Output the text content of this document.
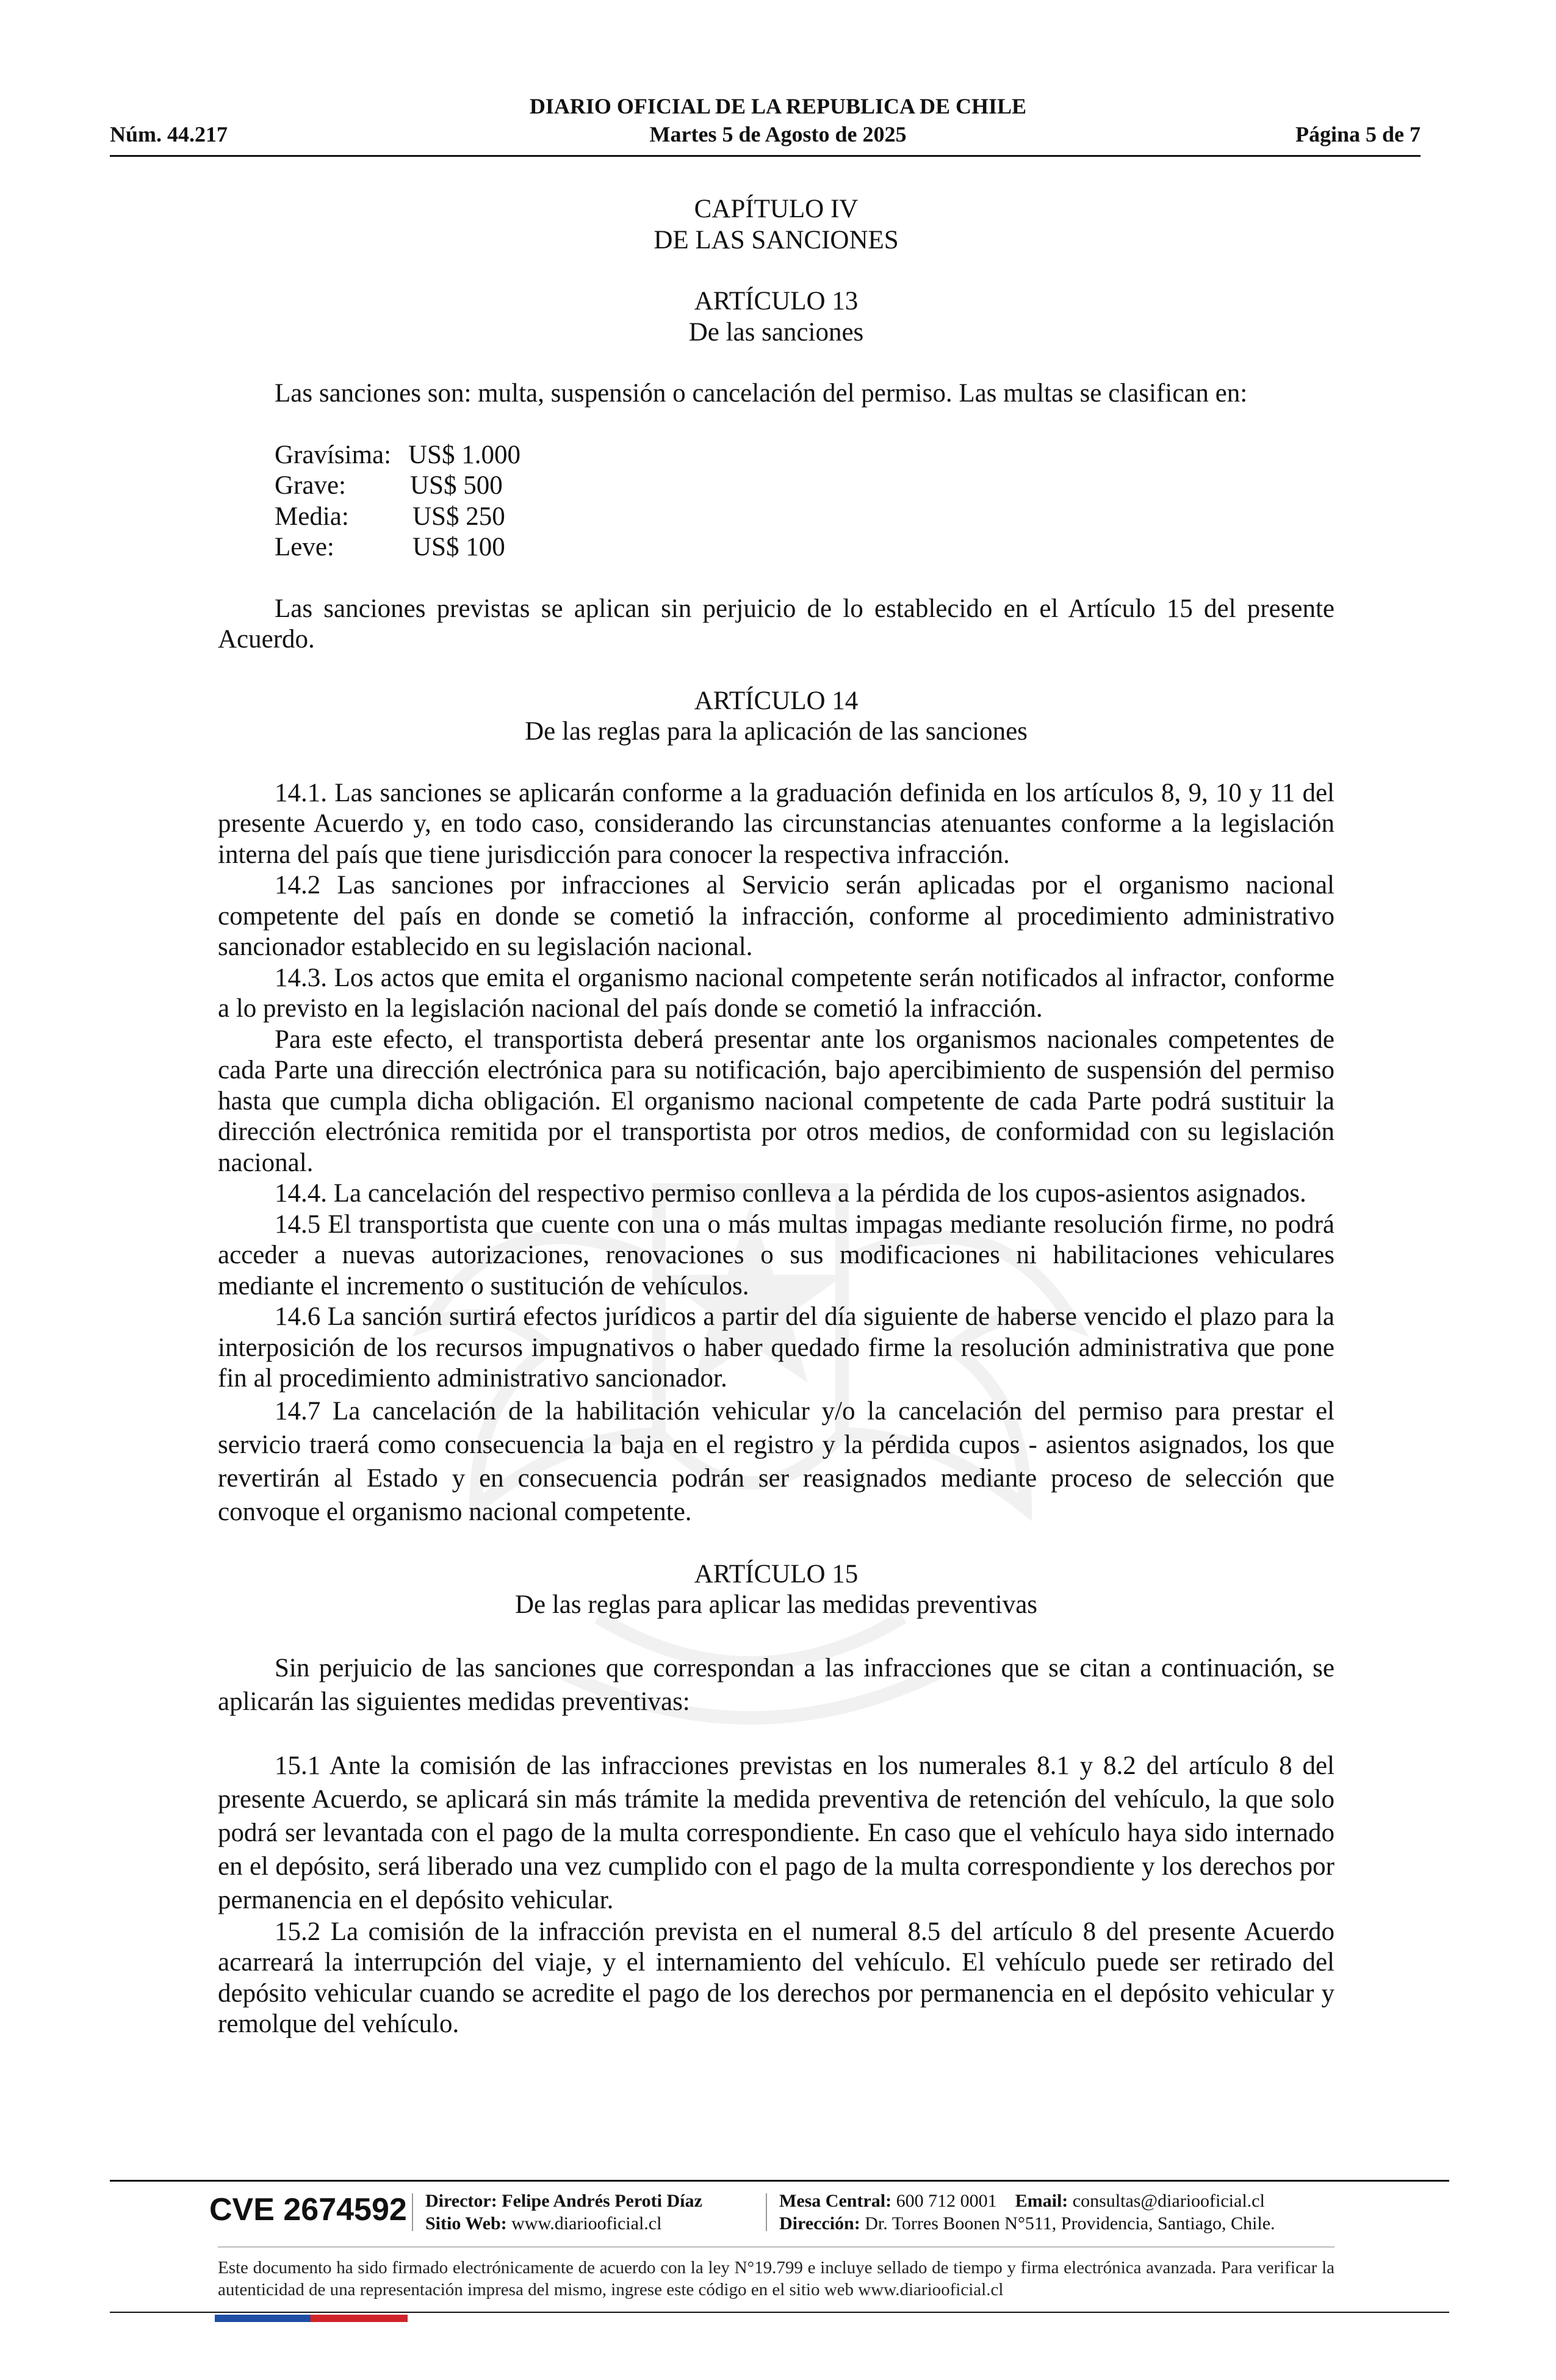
DIARIO OFICIAL DE LA REPUBLICA DE CHILE
Núm. 44.217	Martes 5 de Agosto de 2025	Página 5 de 7

CAPÍTULO IV

DE LAS SANCIONES

ARTÍCULO 13

De las sanciones

Las sanciones son: multa, suspensión o cancelación del permiso. Las multas se clasifican en:

Gravísima: US$ 1.000
Grave:	US$ 500
Media:	US$ 250
Leve:	US$ 100

Las sanciones previstas se aplican sin perjuicio de lo establecido en el Artículo 15 del presente Acuerdo.

ARTÍCULO 14

De las reglas para la aplicación de las sanciones

14.1. Las sanciones se aplicarán conforme a la graduación definida en los artículos 8, 9, 10 y 11 del presente Acuerdo y, en todo caso, considerando las circunstancias atenuantes conforme a la legislación interna del país que tiene jurisdicción para conocer la respectiva infracción.

14.2 Las sanciones por infracciones al Servicio serán aplicadas por el organismo nacional competente del país en donde se cometió la infracción, conforme al procedimiento administrativo sancionador establecido en su legislación nacional.

14.3. Los actos que emita el organismo nacional competente serán notificados al infractor, conforme a lo previsto en la legislación nacional del país donde se cometió la infracción.

Para este efecto, el transportista deberá presentar ante los organismos nacionales competentes de cada Parte una dirección electrónica para su notificación, bajo apercibimiento de suspensión del permiso hasta que cumpla dicha obligación. El organismo nacional competente de cada Parte podrá sustituir la dirección electrónica remitida por el transportista por otros medios, de conformidad con su legislación nacional.

14.4. La cancelación del respectivo permiso conlleva a la pérdida de los cupos-asientos asignados.

14.5 El transportista que cuente con una o más multas impagas mediante resolución firme, no podrá acceder a nuevas autorizaciones, renovaciones o sus modificaciones ni habilitaciones vehiculares mediante el incremento o sustitución de vehículos.

14.6 La sanción surtirá efectos jurídicos a partir del día siguiente de haberse vencido el plazo para la interposición de los recursos impugnativos o haber quedado firme la resolución administrativa que pone fin al procedimiento administrativo sancionador.

14.7 La cancelación de la habilitación vehicular y/o la cancelación del permiso para prestar el servicio traerá como consecuencia la baja en el registro y la pérdida cupos - asientos asignados, los que revertirán al Estado y en consecuencia podrán ser reasignados mediante proceso de selección que convoque el organismo nacional competente.

ARTÍCULO 15

De las reglas para aplicar las medidas preventivas

Sin perjuicio de las sanciones que correspondan a las infracciones que se citan a continuación, se aplicarán las siguientes medidas preventivas:

15.1 Ante la comisión de las infracciones previstas en los numerales 8.1 y 8.2 del artículo 8 del presente Acuerdo, se aplicará sin más trámite la medida preventiva de retención del vehículo, la que solo podrá ser levantada con el pago de la multa correspondiente. En caso que el vehículo haya sido internado en el depósito, será liberado una vez cumplido con el pago de la multa correspondiente y los derechos por permanencia en el depósito vehicular.

15.2 La comisión de la infracción prevista en el numeral 8.5 del artículo 8 del presente Acuerdo acarreará la interrupción del viaje, y el internamiento del vehículo. El vehículo puede ser retirado del depósito vehicular cuando se acredite el pago de los derechos por permanencia en el depósito vehicular y remolque del vehículo.

CVE 2674592 Director: Felipe Andrés Peroti Díaz
Sitio Web: www.diariooficial.cl
Mesa Central: 600 712 0001 Email: consultas@diariooficial.cl
Dirección: Dr. Torres Boonen N°511, Providencia, Santiago, Chile.
Este documento ha sido firmado electrónicamente de acuerdo con la ley N°19.799 e incluye sellado de tiempo y firma electrónica avanzada. Para verificar la autenticidad de una representación impresa del mismo, ingrese este código en el sitio web www.diariooficial.cl
